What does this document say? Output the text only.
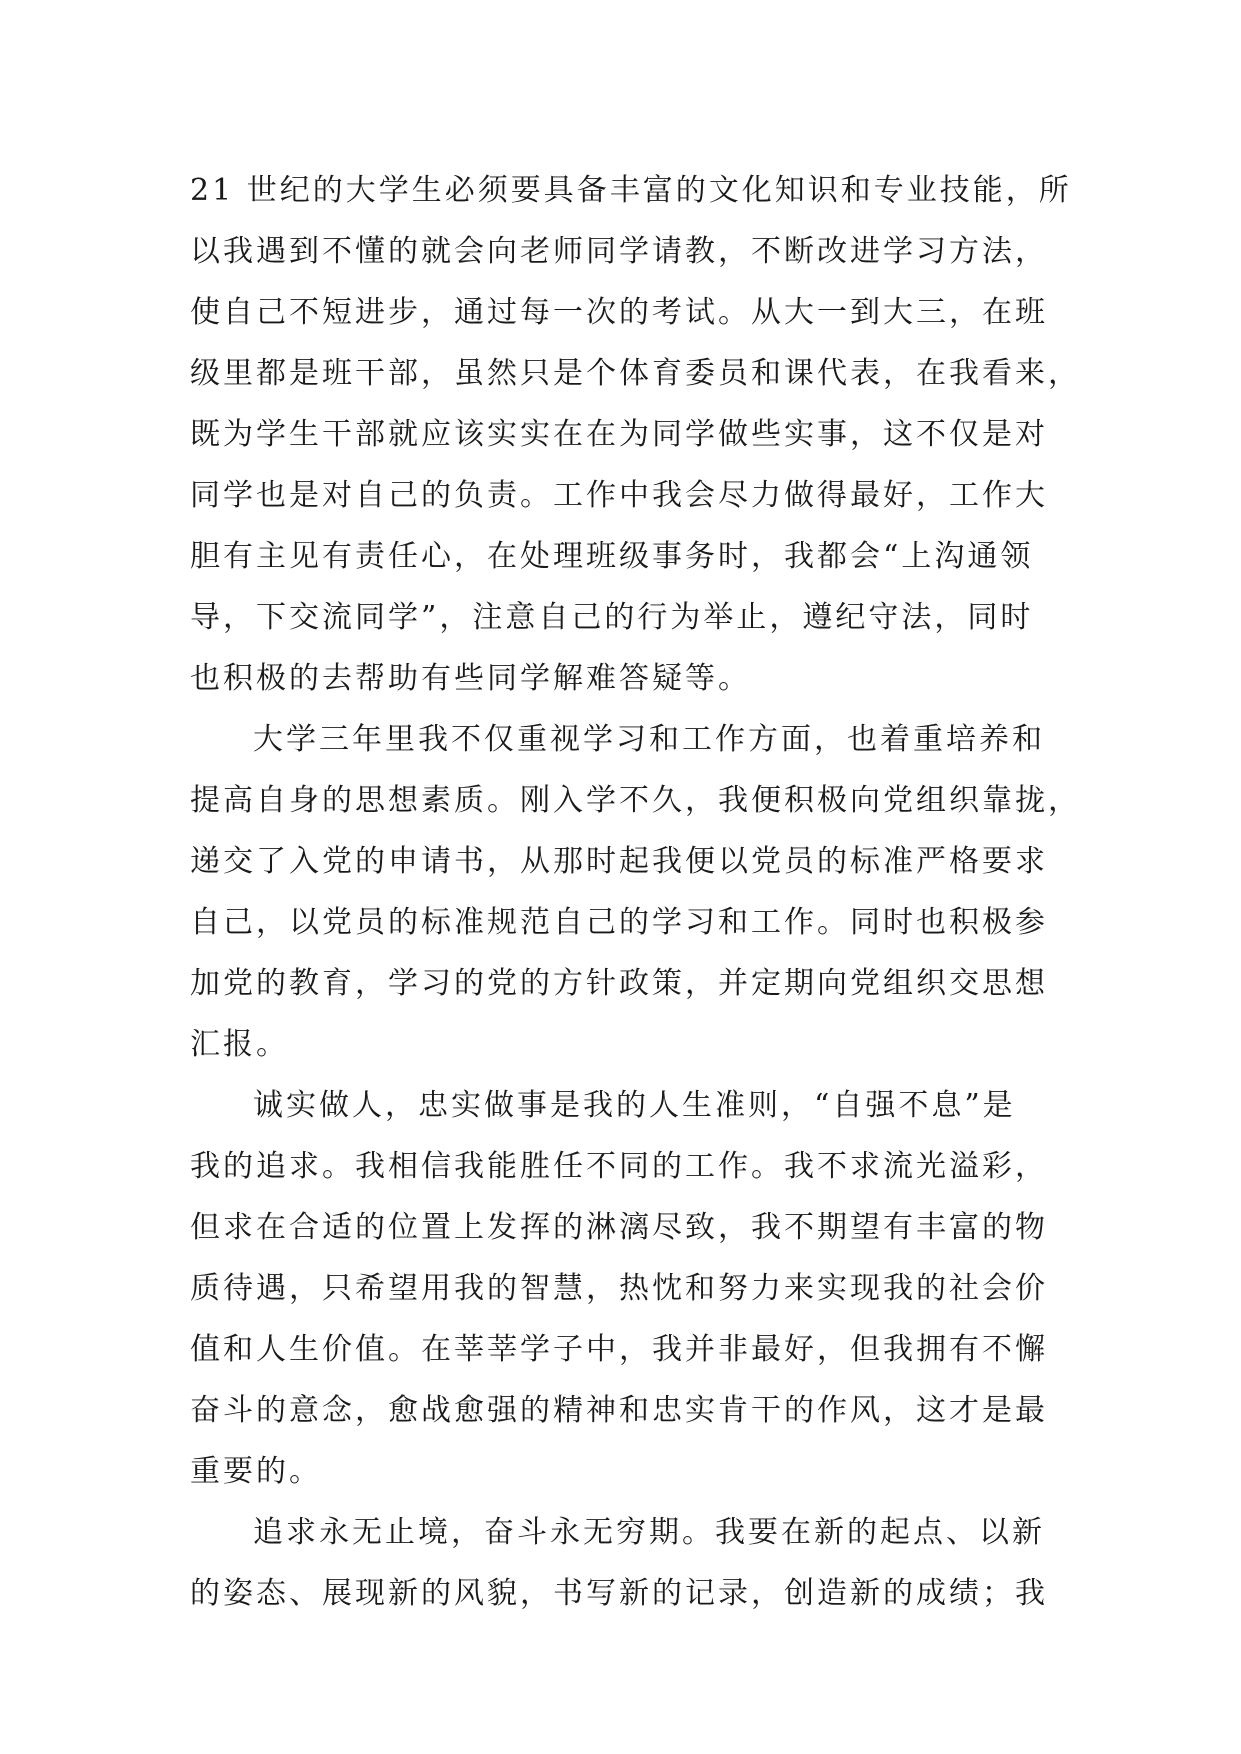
21 世纪的大学生必须要具备丰富的文化知识和专业技能，所
以我遇到不懂的就会向老师同学请教，不断改进学习方法，
使自己不短进步，通过每一次的考试。从大一到大三，在班
级里都是班干部，虽然只是个体育委员和课代表，在我看来，
既为学生干部就应该实实在在为同学做些实事，这不仅是对
同学也是对自己的负责。工作中我会尽力做得最好，工作大
胆有主见有责任心，在处理班级事务时，我都会“上沟通领
导，下交流同学”，注意自己的行为举止，遵纪守法，同时
也积极的去帮助有些同学解难答疑等。
大学三年里我不仅重视学习和工作方面，也着重培养和
提高自身的思想素质。刚入学不久，我便积极向党组织靠拢，
递交了入党的申请书，从那时起我便以党员的标准严格要求
自己，以党员的标准规范自己的学习和工作。同时也积极参
加党的教育，学习的党的方针政策，并定期向党组织交思想
汇报。
诚实做人，忠实做事是我的人生准则，“自强不息”是
我的追求。我相信我能胜任不同的工作。我不求流光溢彩，
但求在合适的位置上发挥的淋漓尽致，我不期望有丰富的物
质待遇，只希望用我的智慧，热忱和努力来实现我的社会价
值和人生价值。在莘莘学子中，我并非最好，但我拥有不懈
奋斗的意念，愈战愈强的精神和忠实肯干的作风，这才是最
重要的。
追求永无止境，奋斗永无穷期。我要在新的起点、以新
的姿态、展现新的风貌，书写新的记录，创造新的成绩；我
